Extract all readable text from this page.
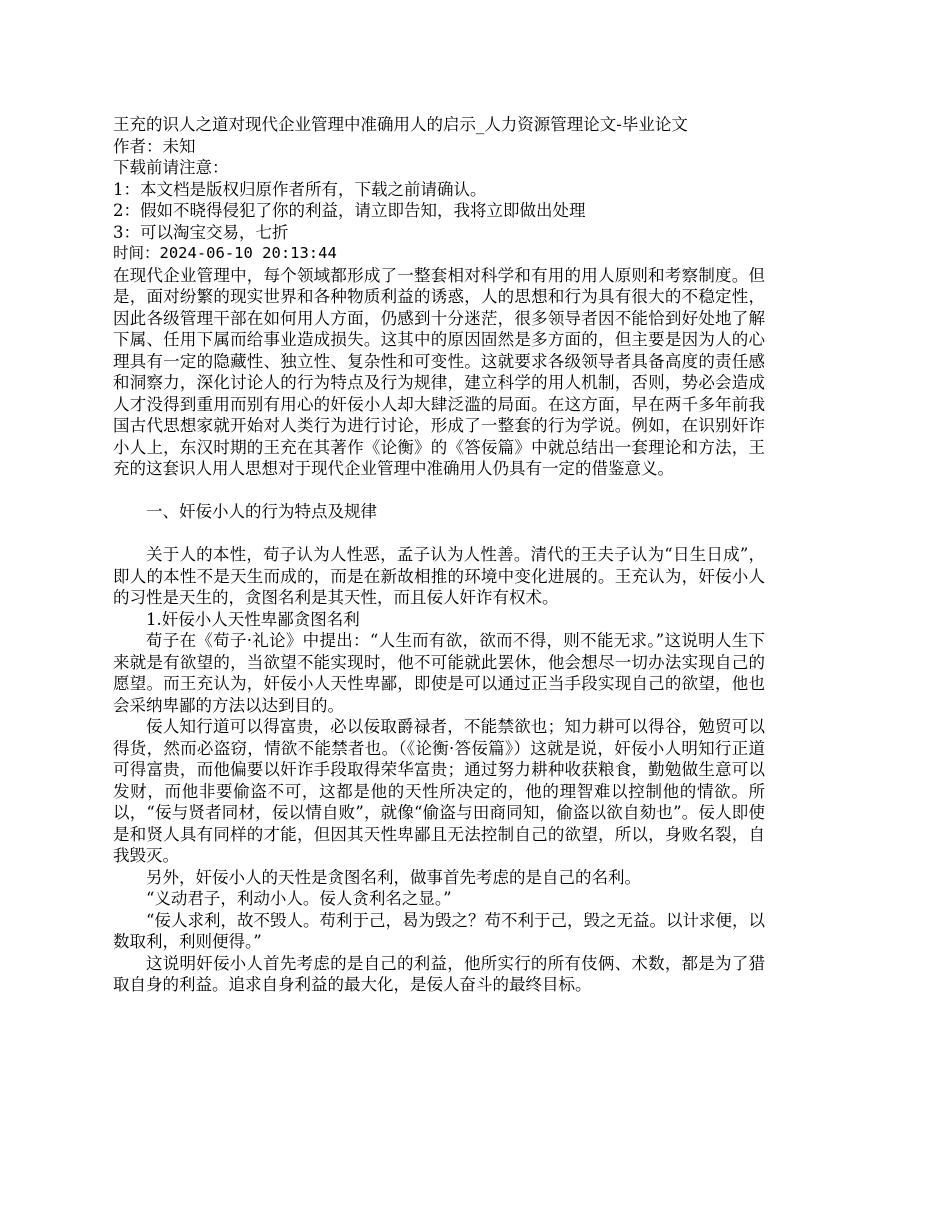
王充的识人之道对现代企业管理中准确用人的启示_人力资源管理论文-毕业论文

作者：未知

下载前请注意：

1：本文档是版权归原作者所有，下载之前请确认。

2：假如不晓得侵犯了你的利益，请立即告知，我将立即做出处理

3：可以淘宝交易，七折

时间：2024-06-10 20:13:44

在现代企业管理中，每个领域都形成了一整套相对科学和有用的用人原则和考察制度。但是，面对纷繁的现实世界和各种物质利益的诱惑，人的思想和行为具有很大的不稳定性，因此各级管理干部在如何用人方面，仍感到十分迷茫，很多领导者因不能恰到好处地了解下属、任用下属而给事业造成损失。这其中的原因固然是多方面的，但主要是因为人的心理具有一定的隐藏性、独立性、复杂性和可变性。这就要求各级领导者具备高度的责任感和洞察力，深化讨论人的行为特点及行为规律，建立科学的用人机制，否则，势必会造成人才没得到重用而别有用心的奸佞小人却大肆泛滥的局面。在这方面，早在两千多年前我国古代思想家就开始对人类行为进行讨论，形成了一整套的行为学说。例如，在识别奸诈小人上，东汉时期的王充在其著作《论衡》的《答佞篇》中就总结出一套理论和方法，王充的这套识人用人思想对于现代企业管理中准确用人仍具有一定的借鉴意义。

一、奸佞小人的行为特点及规律

关于人的本性，荀子认为人性恶，孟子认为人性善。清代的王夫子认为“日生日成”，即人的本性不是天生而成的，而是在新故相推的环境中变化进展的。王充认为，奸佞小人的习性是天生的，贪图名利是其天性，而且佞人奸诈有权术。

1.奸佞小人天性卑鄙贪图名利

荀子在《荀子·礼论》中提出：“人生而有欲，欲而不得，则不能无求。”这说明人生下来就是有欲望的，当欲望不能实现时，他不可能就此罢休，他会想尽一切办法实现自己的愿望。而王充认为，奸佞小人天性卑鄙，即使是可以通过正当手段实现自己的欲望，他也会采纳卑鄙的方法以达到目的。

佞人知行道可以得富贵，必以佞取爵禄者，不能禁欲也；知力耕可以得谷，勉贸可以得货，然而必盗窃，情欲不能禁者也。（《论衡·答佞篇》）这就是说，奸佞小人明知行正道可得富贵，而他偏要以奸诈手段取得荣华富贵；通过努力耕种收获粮食，勤勉做生意可以发财，而他非要偷盗不可，这都是他的天性所决定的，他的理智难以控制他的情欲。所以，“佞与贤者同材，佞以情自败”，就像“偷盗与田商同知，偷盗以欲自劾也”。佞人即使是和贤人具有同样的才能，但因其天性卑鄙且无法控制自己的欲望，所以，身败名裂，自我毁灭。

另外，奸佞小人的天性是贪图名利，做事首先考虑的是自己的名利。

“义动君子，利动小人。佞人贪利名之显。”

“佞人求利，故不毁人。苟利于己，曷为毁之？苟不利于己，毁之无益。以计求便，以数取利，利则便得。”

这说明奸佞小人首先考虑的是自己的利益，他所实行的所有伎俩、术数，都是为了猎取自身的利益。追求自身利益的最大化，是佞人奋斗的最终目标。
